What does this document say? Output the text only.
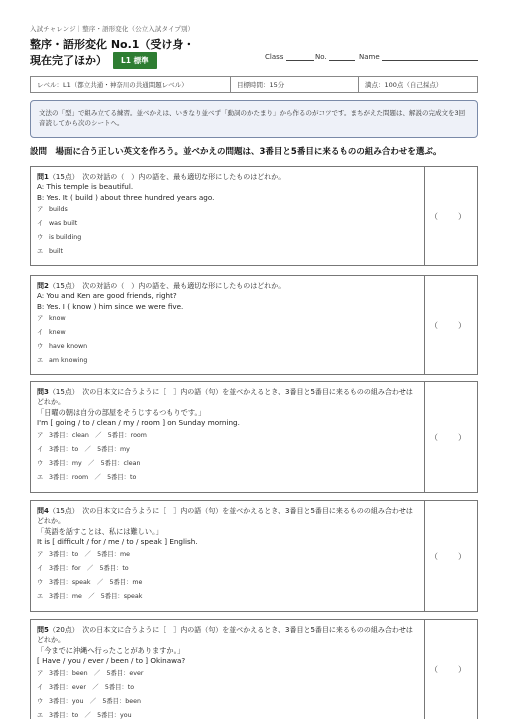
入試チャレンジ｜整序・語形変化（公立入試タイプ別）
整序・語形変化 No.1（受け身・
現在完了ほか） L1 標準	Class	No.	Name
レベル：L1（都立共通・神奈川の共通問題レベル）	目標時間：15分	満点：100点（自己採点）
文法の「型」で組み立てる練習。並べかえは、いきなり並べず「動詞のかたまり」から作るのがコツです。まちがえた問題は、解説の完成文を3回音読してから次のシートへ。
設問　場面に合う正しい英文を作ろう。並べかえの問題は、3番目と5番目に来るものの組み合わせを選ぶ。
問1（15点）　次の対話の（　）内の語を、最も適切な形にしたものはどれか。
A: This temple is beautiful.
B: Yes. It ( build ) about three hundred years ago.
ア builds
イ was built
ウ is building
エ built
（　）
問2（15点）　次の対話の（　）内の語を、最も適切な形にしたものはどれか。
A: You and Ken are good friends, right?
B: Yes. I ( know ) him since we were five.
ア know
イ knew
ウ have known
エ am knowing
（　）
問3（15点）　次の日本文に合うように［　］内の語（句）を並べかえるとき、3番目と5番目に来るものの組み合わせはどれか。
「日曜の朝は自分の部屋をそうじするつもりです。」
I'm [ going / to / clean / my / room ] on Sunday morning.
ア 3番目：clean　／　5番目：room
イ 3番目：to　／　5番目：my
ウ 3番目：my　／　5番目：clean
エ 3番目：room　／　5番目：to
（　）
問4（15点）　次の日本文に合うように［　］内の語（句）を並べかえるとき、3番目と5番目に来るものの組み合わせはどれか。
「英語を話すことは、私には難しい。」
It is [ difficult / for / me / to / speak ] English.
ア 3番目：to　／　5番目：me
イ 3番目：for　／　5番目：to
ウ 3番目：speak　／　5番目：me
エ 3番目：me　／　5番目：speak
（　）
問5（20点）　次の日本文に合うように［　］内の語（句）を並べかえるとき、3番目と5番目に来るものの組み合わせはどれか。
「今までに沖縄へ行ったことがありますか。」
[ Have / you / ever / been / to ] Okinawa?
ア 3番目：been　／　5番目：ever
イ 3番目：ever　／　5番目：to
ウ 3番目：you　／　5番目：been
エ 3番目：to　／　5番目：you
（　）
